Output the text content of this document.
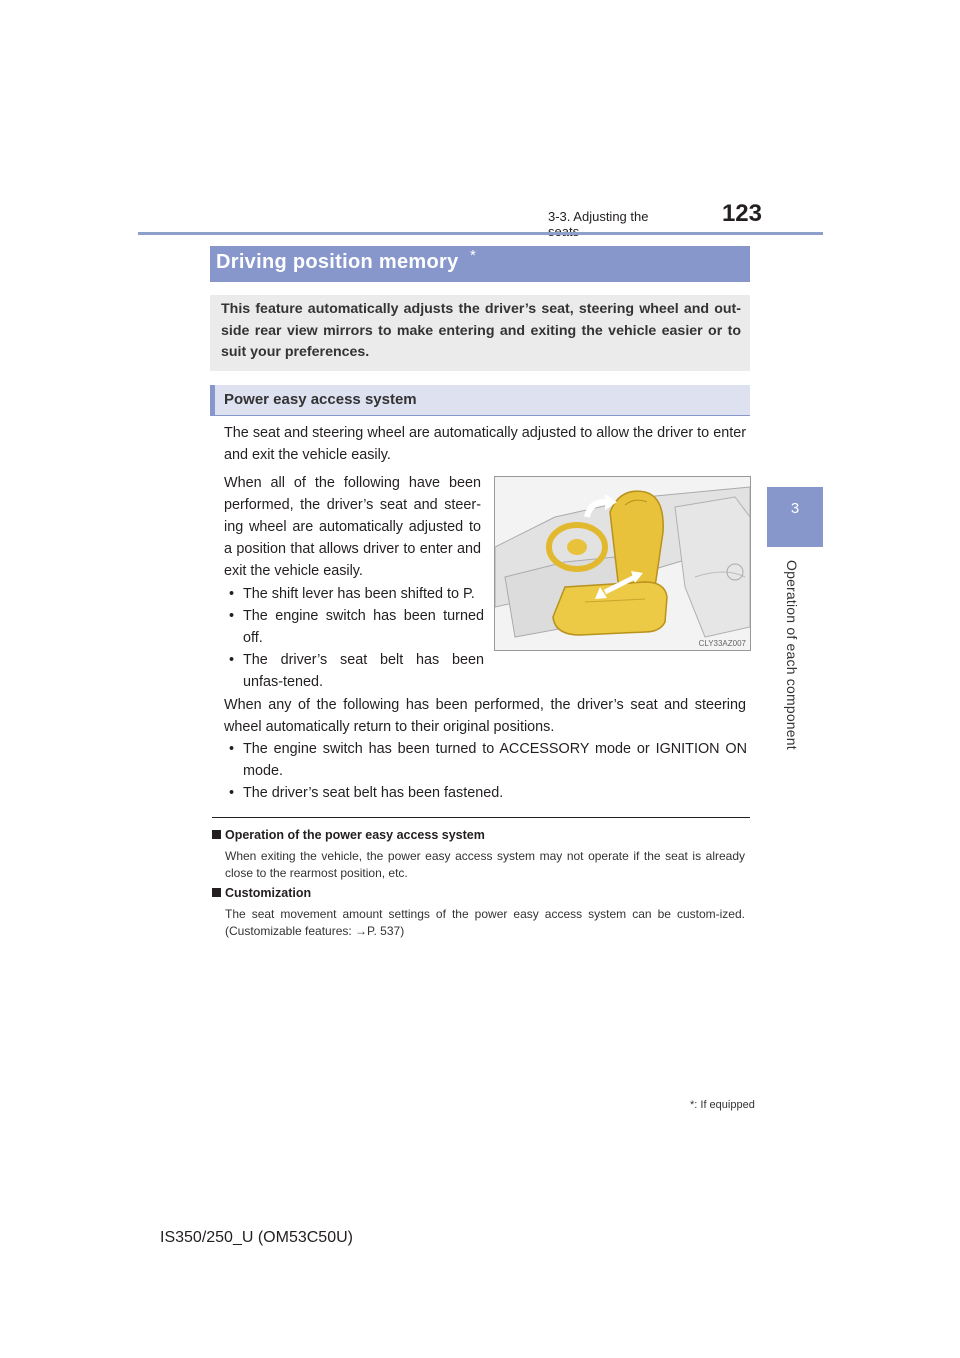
3-3. Adjusting the	123
3
Operation of each component
Driving position memory *
This feature automatically adjusts the driver’s seat, steering wheel and out-side rear view mirrors to make entering and exiting the vehicle easier or to suit your preferences.
Power easy access system
The seat and steering wheel are automatically adjusted to allow the driver to enter and exit the vehicle easily.
When all of the following have been performed, the driver’s seat and steer-ing wheel are automatically adjusted to a position that allows driver to enter and exit the vehicle easily.
• The shift lever has been shifted to P.
• The engine switch has been turned off.
• The driver’s seat belt has been unfas-tened.
CLY33AZ007
When any of the following has been performed, the driver’s seat and steering wheel automatically return to their original positions.
• The engine switch has been turned to ACCESSORY mode or IGNITION ON mode.
• The driver’s seat belt has been fastened.
Operation of the power easy access system
When exiting the vehicle, the power easy access system may not operate if the seat is already close to the rearmost position, etc.
Customization
The seat movement amount settings of the power easy access system can be custom-ized. (Customizable features: →P. 537)
*: If equipped
IS350/250_U (OM53C50U)
